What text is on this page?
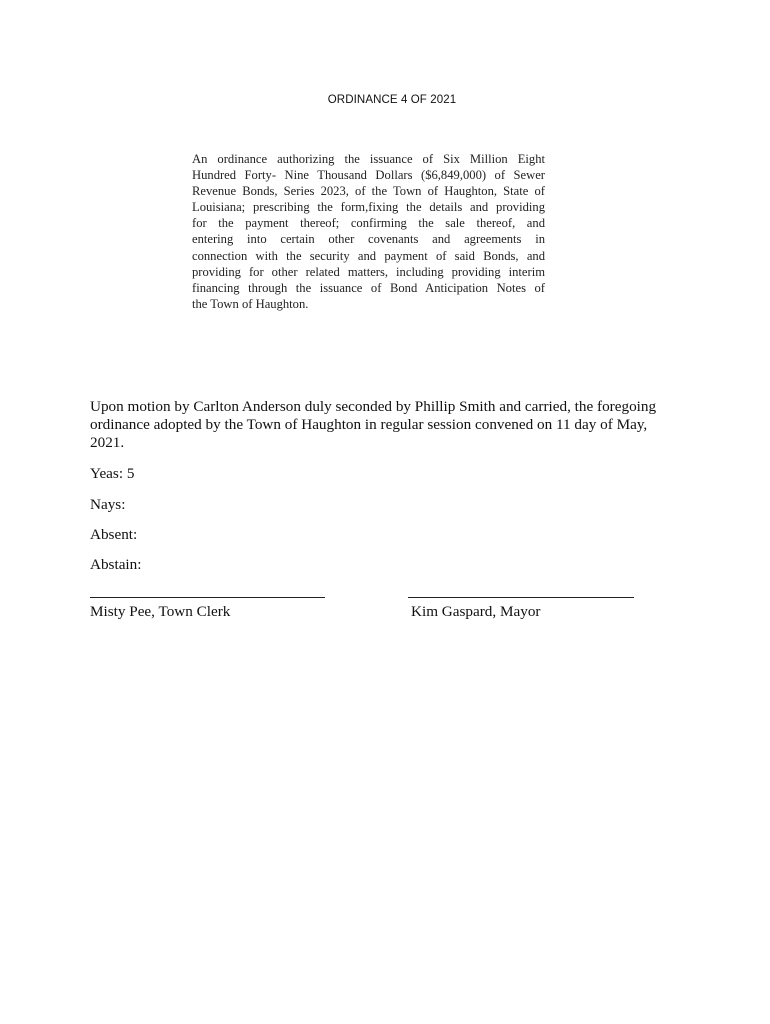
ORDINANCE 4 OF 2021
An ordinance authorizing the issuance of Six Million Eight
Hundred Forty- Nine Thousand Dollars ($6,849,000) of Sewer
Revenue Bonds, Series 2023, of the Town of Haughton, State of
Louisiana; prescribing the form,fixing the details and providing
for the payment thereof; confirming the sale thereof, and
entering into certain other covenants and agreements in
connection with the security and payment of said Bonds, and
providing for other related matters, including providing interim
financing through the issuance of Bond Anticipation Notes of
the Town of Haughton.
Upon motion by Carlton Anderson duly seconded by Phillip Smith and carried, the foregoing
ordinance adopted by the Town of Haughton in regular session convened on 11 day of May,
2021.
Yeas: 5
Nays:
Absent:
Abstain:
Misty Pee, Town Clerk	Kim Gaspard, Mayor
